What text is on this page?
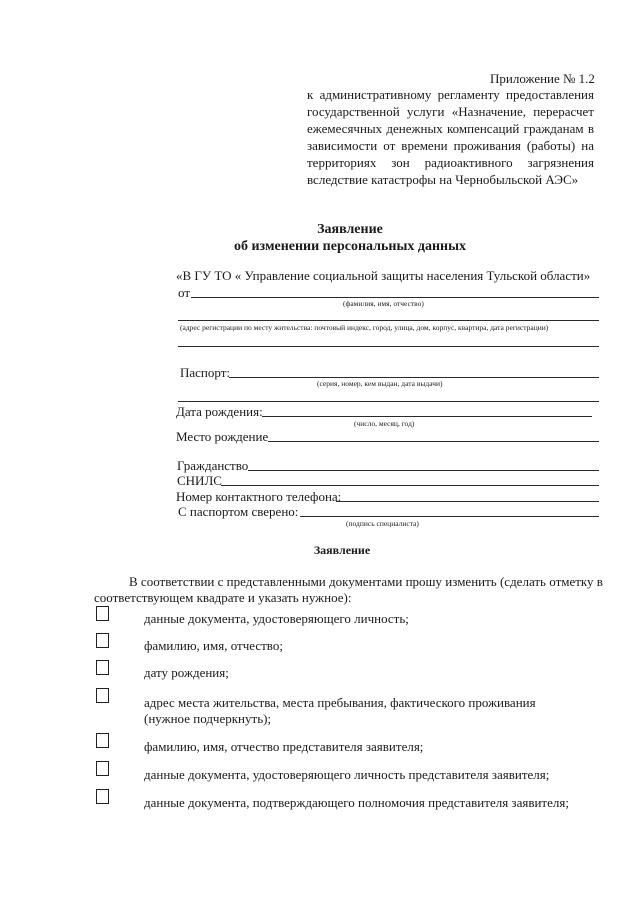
Приложение № 1.2
к административному регламенту предоставления
государственной услуги «Назначение, перерасчет
ежемесячных денежных компенсаций гражданам в
зависимости от времени проживания (работы) на
территориях зон радиоактивного загрязнения
вследствие катастрофы на Чернобыльской АЭС»
Заявление
об изменении персональных данных
«В ГУ ТО « Управление социальной защиты населения Тульской области»
от
(фамилия, имя, отчество)
(адрес регистрации по месту жительства: почтовый индекс, город, улица, дом, корпус, квартира, дата регистрации)
Паспорт:
(серия, номер, кем выдан, дата выдачи)
Дата рождения:
(число, месяц, год)
Место рождение
Гражданство
СНИЛС
Номер контактного телефона:
С паспортом сверено:
(подпись специалиста)
Заявление
В соответствии с представленными документами прошу изменить (сделать отметку в
соответствующем квадрате и указать нужное):
данные документа, удостоверяющего личность;
фамилию, имя, отчество;
дату рождения;
адрес места жительства, места пребывания, фактического проживания
(нужное подчеркнуть);
фамилию, имя, отчество представителя заявителя;
данные документа, удостоверяющего личность представителя заявителя;
данные документа, подтверждающего полномочия представителя заявителя;
